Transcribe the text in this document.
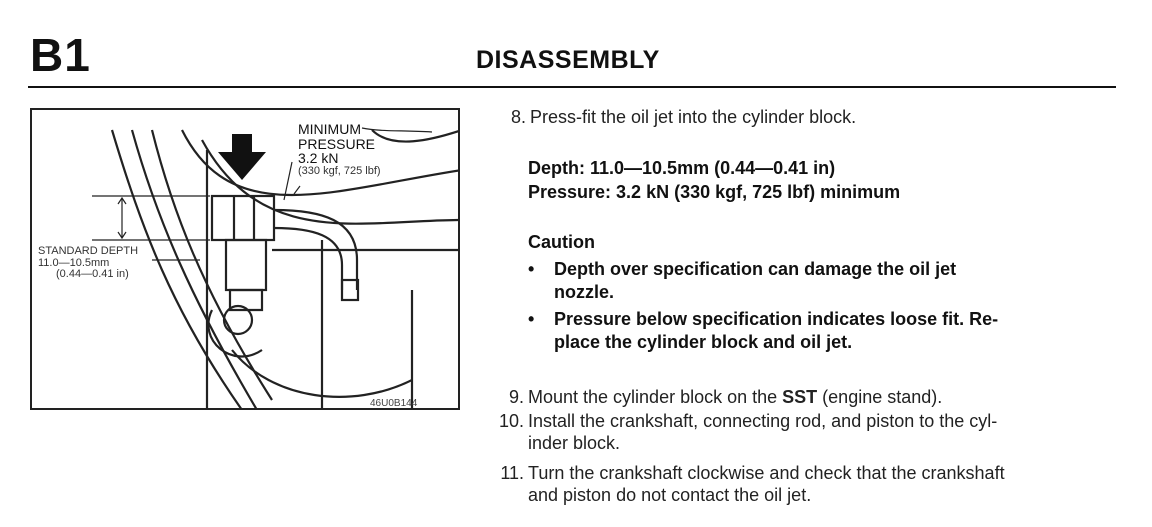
B1	DISASSEMBLY
MINIMUM
PRESSURE
3.2 kN
(330 kgf, 725 lbf)
STANDARD DEPTH
11.0—10.5mm
(0.44—0.41 in)
46U0B144
8. Press-fit the oil jet into the cylinder block.
Depth: 11.0—10.5mm (0.44—0.41 in)
Pressure: 3.2 kN (330 kgf, 725 lbf) minimum
Caution
• Depth over specification can damage the oil jet
nozzle.
• Pressure below specification indicates loose fit. Re-
place the cylinder block and oil jet.
9. Mount the cylinder block on the SST (engine stand).
10. Install the crankshaft, connecting rod, and piston to the cyl-
inder block.
11. Turn the crankshaft clockwise and check that the crankshaft
and piston do not contact the oil jet.
